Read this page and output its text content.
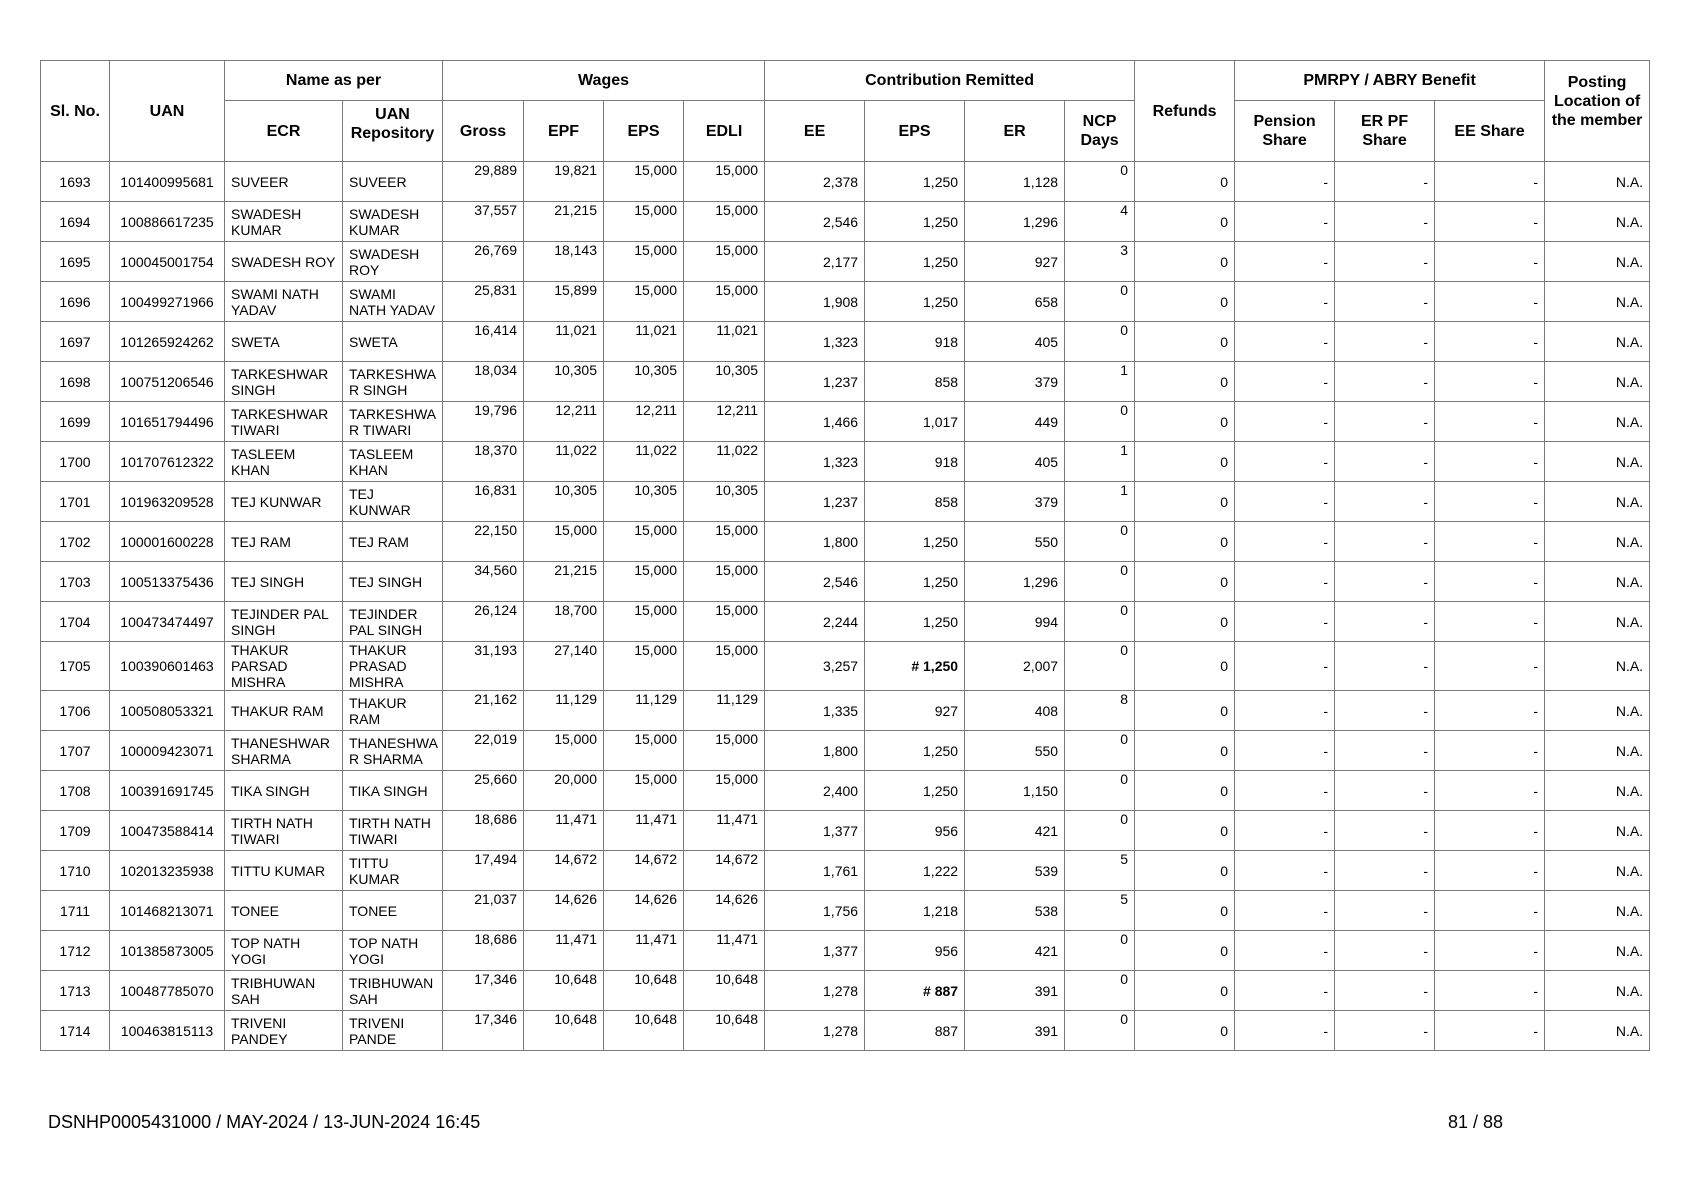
Sl. No.	UAN	Name as per		Wages				Contribution Remitted				Refunds	PMRPY / ABRY Benefit			Posting Location of the member
		ECR	UAN Repository	Gross	EPF	EPS	EDLI	EE	EPS	ER	NCP Days		Pension Share	ER PF Share	EE Share	
1693	101400995681	SUVEER	SUVEER	29,889	19,821	15,000	15,000	2,378	1,250	1,128	0	0	-	-	-	N.A.
1694	100886617235	SWADESH KUMAR	SWADESH KUMAR	37,557	21,215	15,000	15,000	2,546	1,250	1,296	4	0	-	-	-	N.A.
1695	100045001754	SWADESH ROY	SWADESH ROY	26,769	18,143	15,000	15,000	2,177	1,250	927	3	0	-	-	-	N.A.
1696	100499271966	SWAMI NATH YADAV	SWAMI NATH YADAV	25,831	15,899	15,000	15,000	1,908	1,250	658	0	0	-	-	-	N.A.
1697	101265924262	SWETA	SWETA	16,414	11,021	11,021	11,021	1,323	918	405	0	0	-	-	-	N.A.
1698	100751206546	TARKESHWAR SINGH	TARKESHWA R SINGH	18,034	10,305	10,305	10,305	1,237	858	379	1	0	-	-	-	N.A.
1699	101651794496	TARKESHWAR TIWARI	TARKESHWA R TIWARI	19,796	12,211	12,211	12,211	1,466	1,017	449	0	0	-	-	-	N.A.
1700	101707612322	TASLEEM KHAN	TASLEEM KHAN	18,370	11,022	11,022	11,022	1,323	918	405	1	0	-	-	-	N.A.
1701	101963209528	TEJ KUNWAR	TEJ KUNWAR	16,831	10,305	10,305	10,305	1,237	858	379	1	0	-	-	-	N.A.
1702	100001600228	TEJ RAM	TEJ RAM	22,150	15,000	15,000	15,000	1,800	1,250	550	0	0	-	-	-	N.A.
1703	100513375436	TEJ SINGH	TEJ SINGH	34,560	21,215	15,000	15,000	2,546	1,250	1,296	0	0	-	-	-	N.A.
1704	100473474497	TEJINDER PAL SINGH	TEJINDER PAL SINGH	26,124	18,700	15,000	15,000	2,244	1,250	994	0	0	-	-	-	N.A.
1705	100390601463	THAKUR PARSAD MISHRA	THAKUR PRASAD MISHRA	31,193	27,140	15,000	15,000	3,257	# 1,250	2,007	0	0	-	-	-	N.A.
1706	100508053321	THAKUR RAM	THAKUR RAM	21,162	11,129	11,129	11,129	1,335	927	408	8	0	-	-	-	N.A.
1707	100009423071	THANESHWAR SHARMA	THANESHWA R SHARMA	22,019	15,000	15,000	15,000	1,800	1,250	550	0	0	-	-	-	N.A.
1708	100391691745	TIKA SINGH	TIKA SINGH	25,660	20,000	15,000	15,000	2,400	1,250	1,150	0	0	-	-	-	N.A.
1709	100473588414	TIRTH NATH TIWARI	TIRTH NATH TIWARI	18,686	11,471	11,471	11,471	1,377	956	421	0	0	-	-	-	N.A.
1710	102013235938	TITTU KUMAR	TITTU KUMAR	17,494	14,672	14,672	14,672	1,761	1,222	539	5	0	-	-	-	N.A.
1711	101468213071	TONEE	TONEE	21,037	14,626	14,626	14,626	1,756	1,218	538	5	0	-	-	-	N.A.
1712	101385873005	TOP NATH YOGI	TOP NATH YOGI	18,686	11,471	11,471	11,471	1,377	956	421	0	0	-	-	-	N.A.
1713	100487785070	TRIBHUWAN SAH	TRIBHUWAN SAH	17,346	10,648	10,648	10,648	1,278	# 887	391	0	0	-	-	-	N.A.
1714	100463815113	TRIVENI PANDEY	TRIVENI PANDE	17,346	10,648	10,648	10,648	1,278	887	391	0	0	-	-	-	N.A.
DSNHP0005431000 / MAY-2024 / 13-JUN-2024 16:45	81 / 88
